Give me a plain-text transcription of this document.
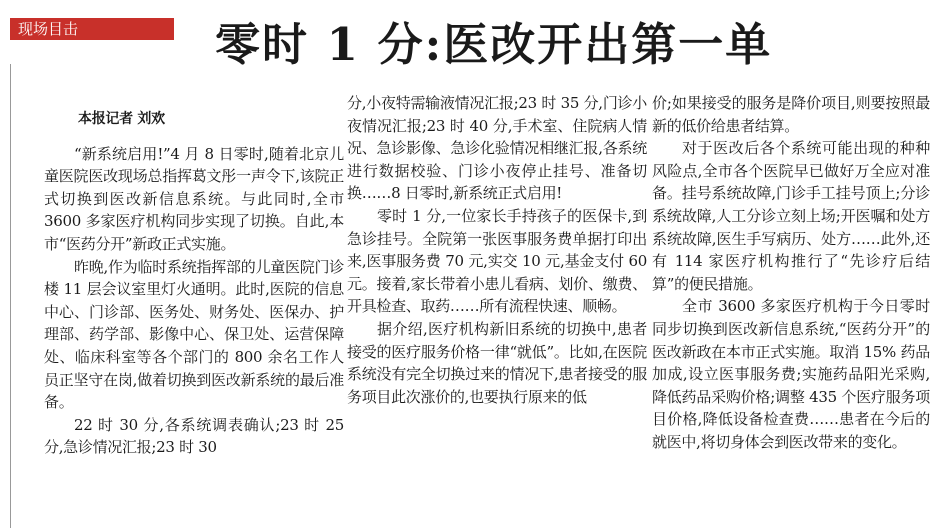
现场目击	零时 1 分:医改开出第一单
本报记者 刘欢

“新系统启用!”4 月 8 日零时,随着北京儿童医院医改现场总指挥葛文彤一声令下,该院正式切换到医改新信息系统。与此同时,全市 3600 多家医疗机构同步实现了切换。自此,本市“医药分开”新政正式实施。

昨晚,作为临时系统指挥部的儿童医院门诊楼 11 层会议室里灯火通明。此时,医院的信息中心、门诊部、医务处、财务处、医保办、护理部、药学部、影像中心、保卫处、运营保障处、临床科室等各个部门的 800 余名工作人员正坚守在岗,做着切换到医改新系统的最后准备。

22 时 30 分,各系统调表确认;23 时 25 分,急诊情况汇报;23 时 30

分,小夜特需输液情况汇报;23 时 35 分,门诊小夜情况汇报;23 时 40 分,手术室、住院病人情况、急诊影像、急诊化验情况相继汇报,各系统进行数据校验、门诊小夜停止挂号、准备切换……8 日零时,新系统正式启用!

零时 1 分,一位家长手持孩子的医保卡,到急诊挂号。全院第一张医事服务费单据打印出来,医事服务费 70 元,实交 10 元,基金支付 60 元。接着,家长带着小患儿看病、划价、缴费、开具检查、取药……所有流程快速、顺畅。

据介绍,医疗机构新旧系统的切换中,患者接受的医疗服务价格一律“就低”。比如,在医院系统没有完全切换过来的情况下,患者接受的服务项目此次涨价的,也要执行原来的低

价;如果接受的服务是降价项目,则要按照最新的低价给患者结算。

对于医改后各个系统可能出现的种种风险点,全市各个医院早已做好万全应对准备。挂号系统故障,门诊手工挂号顶上;分诊系统故障,人工分诊立刻上场;开医嘱和处方系统故障,医生手写病历、处方……此外,还有 114 家医疗机构推行了“先诊疗后结算”的便民措施。

全市 3600 多家医疗机构于今日零时同步切换到医改新信息系统,“医药分开”的医改新政在本市正式实施。取消 15% 药品加成,设立医事服务费;实施药品阳光采购,降低药品采购价格;调整 435 个医疗服务项目价格,降低设备检查费……患者在今后的就医中,将切身体会到医改带来的变化。
